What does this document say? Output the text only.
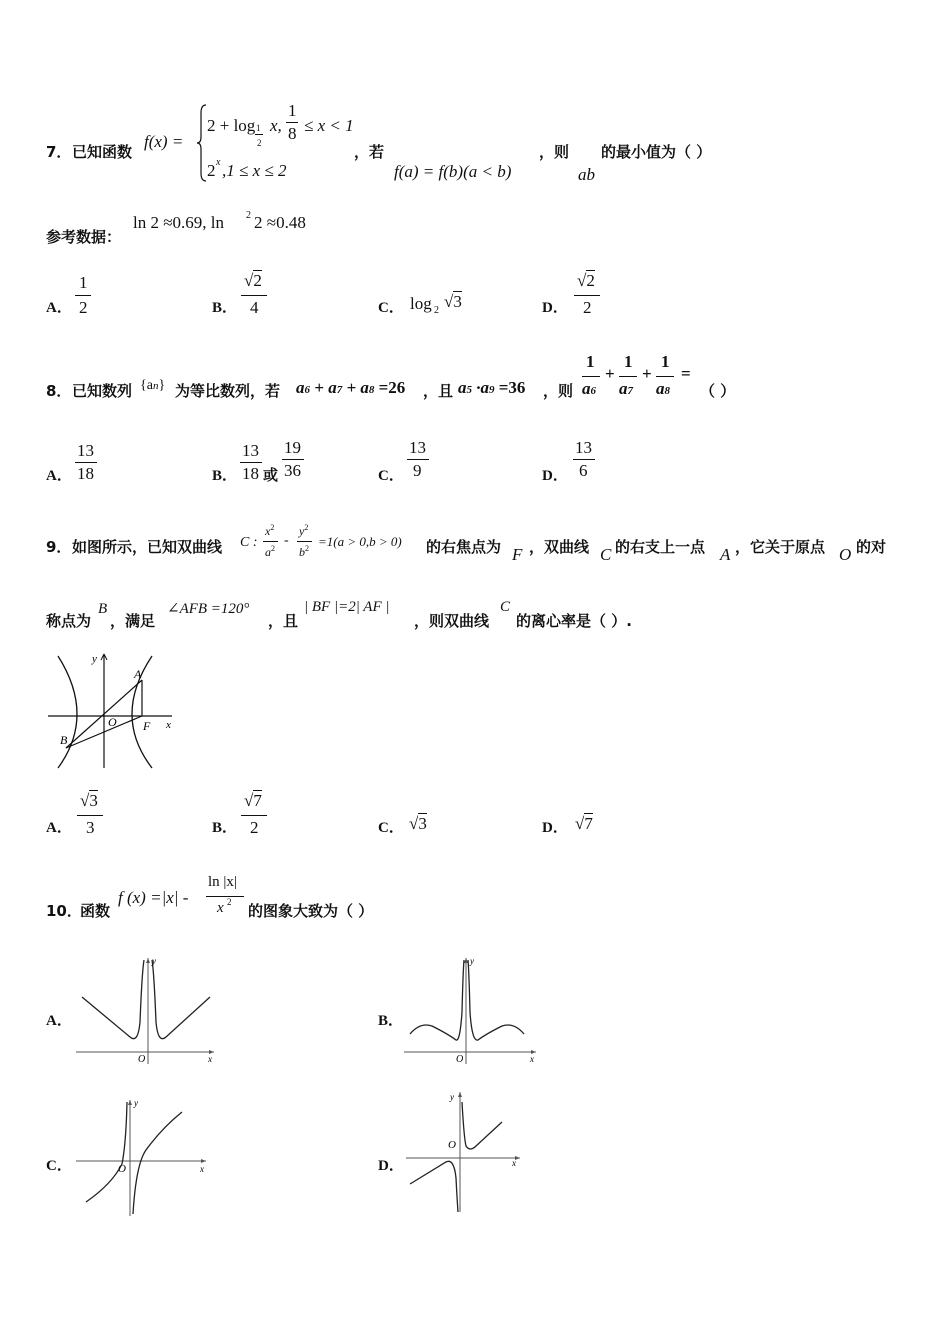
7． 已知函数
f(x) =
2 + log 1
2
x,
1
8 ≤ x < 1
2 x ,1 ≤ x ≤ 2
，若
f(a) = f(b)(a < b)
，则
ab
的最小值为（ ）
参考数据：
ln 2 ≈0.69, ln 2 2 ≈0.48
A．
1
2	B．
√2
4	C． log 2 √3	D．
√2
2
8． 已知数列 {an} 为等比数列，若 a6 + a7 + a8 =26 ，且 a5 ·a9 =36 ，则
1
a6
+
1
a7
+
1
a8
=
（ ）
A．
13
18	B．
13
18 或
19
36	C．
13
9	D．
13
6
9． 如图所示，已知双曲线 C :
$x^2$
$a^2$
-
$y^2$
$b^2 =1(a > 0,b > 0)$ 的右焦点为 F ，双曲线 C 的右支上一点 A ，它关于原点 O 的对
称点为
B
，满足
∠AFB =120°
，且
| BF |=2| AF |
，则双曲线
C
的离心率是（ ）.
y
x
A
B
O F
A．
√3
3	B．
√7
2	C． √3	D． √7
10．
函数
f (x) =|x| -
ln |x|
x 2 的图象大致为（ ）
A．
O	x
y
B．
O	x
y
C．	O	x
y
D．
O
x
y
